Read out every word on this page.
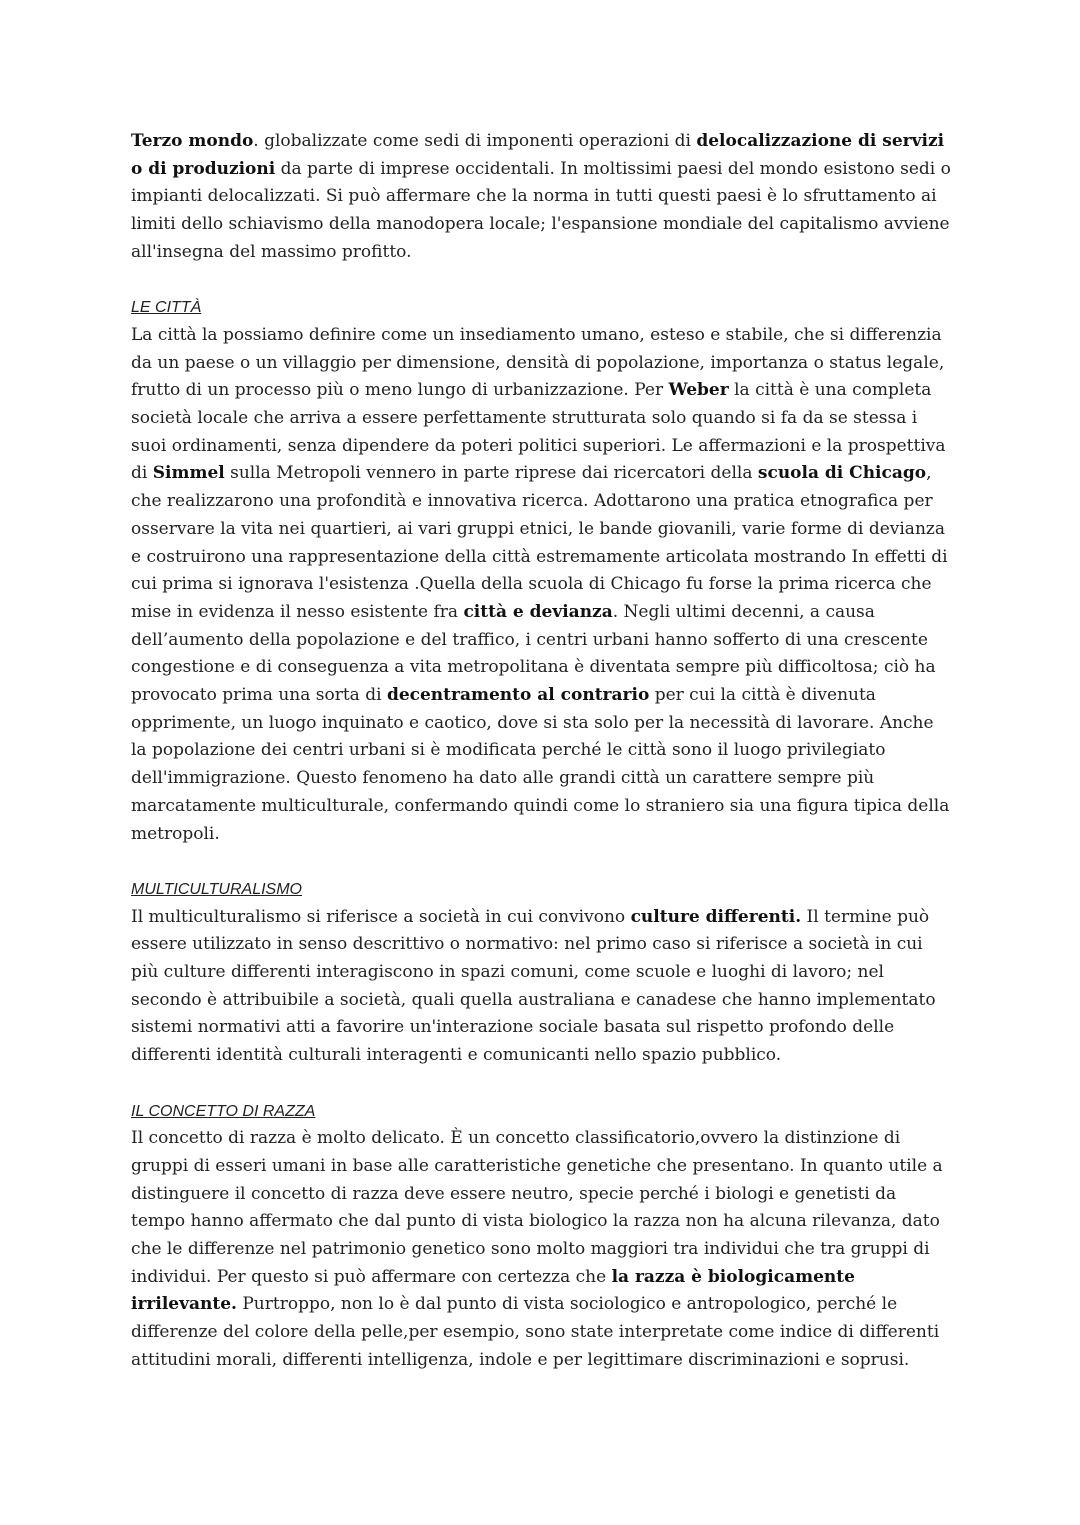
Terzo mondo. globalizzate come sedi di imponenti operazioni di delocalizzazione di servizi o di produzioni da parte di imprese occidentali. In moltissimi paesi del mondo esistono sedi o impianti delocalizzati. Si può affermare che la norma in tutti questi paesi è lo sfruttamento ai limiti dello schiavismo della manodopera locale; l'espansione mondiale del capitalismo avviene all'insegna del massimo profitto.

LE CITTÀ

La città la possiamo definire come un insediamento umano, esteso e stabile, che si differenzia da un paese o un villaggio per dimensione, densità di popolazione, importanza o status legale, frutto di un processo più o meno lungo di urbanizzazione. Per Weber la città è una completa società locale che arriva a essere perfettamente strutturata solo quando si fa da se stessa i suoi ordinamenti, senza dipendere da poteri politici superiori. Le affermazioni e la prospettiva di Simmel sulla Metropoli vennero in parte riprese dai ricercatori della scuola di Chicago, che realizzarono una profondità e innovativa ricerca. Adottarono una pratica etnografica per osservare la vita nei quartieri, ai vari gruppi etnici, le bande giovanili, varie forme di devianza e costruirono una rappresentazione della città estremamente articolata mostrando In effetti di cui prima si ignorava l'esistenza .Quella della scuola di Chicago fu forse la prima ricerca che mise in evidenza il nesso esistente fra città e devianza. Negli ultimi decenni, a causa dell’aumento della popolazione e del traffico, i centri urbani hanno sofferto di una crescente congestione e di conseguenza a vita metropolitana è diventata sempre più difficoltosa; ciò ha provocato prima una sorta di decentramento al contrario per cui la città è divenuta opprimente, un luogo inquinato e caotico, dove si sta solo per la necessità di lavorare. Anche la popolazione dei centri urbani si è modificata perché le città sono il luogo privilegiato dell'immigrazione. Questo fenomeno ha dato alle grandi città un carattere sempre più marcatamente multiculturale, confermando quindi come lo straniero sia una figura tipica della metropoli.

MULTICULTURALISMO

Il multiculturalismo si riferisce a società in cui convivono culture differenti. Il termine può essere utilizzato in senso descrittivo o normativo: nel primo caso si riferisce a società in cui più culture differenti interagiscono in spazi comuni, come scuole e luoghi di lavoro; nel secondo è attribuibile a società, quali quella australiana e canadese che hanno implementato sistemi normativi atti a favorire un'interazione sociale basata sul rispetto profondo delle differenti identità culturali interagenti e comunicanti nello spazio pubblico.

IL CONCETTO DI RAZZA

Il concetto di razza è molto delicato. È un concetto classificatorio,ovvero la distinzione di gruppi di esseri umani in base alle caratteristiche genetiche che presentano. In quanto utile a distinguere il concetto di razza deve essere neutro, specie perché i biologi e genetisti da tempo hanno affermato che dal punto di vista biologico la razza non ha alcuna rilevanza, dato che le differenze nel patrimonio genetico sono molto maggiori tra individui che tra gruppi di individui. Per questo si può affermare con certezza che la razza è biologicamente irrilevante. Purtroppo, non lo è dal punto di vista sociologico e antropologico, perché le differenze del colore della pelle,per esempio, sono state interpretate come indice di differenti attitudini morali, differenti intelligenza, indole e per legittimare discriminazioni e soprusi.
